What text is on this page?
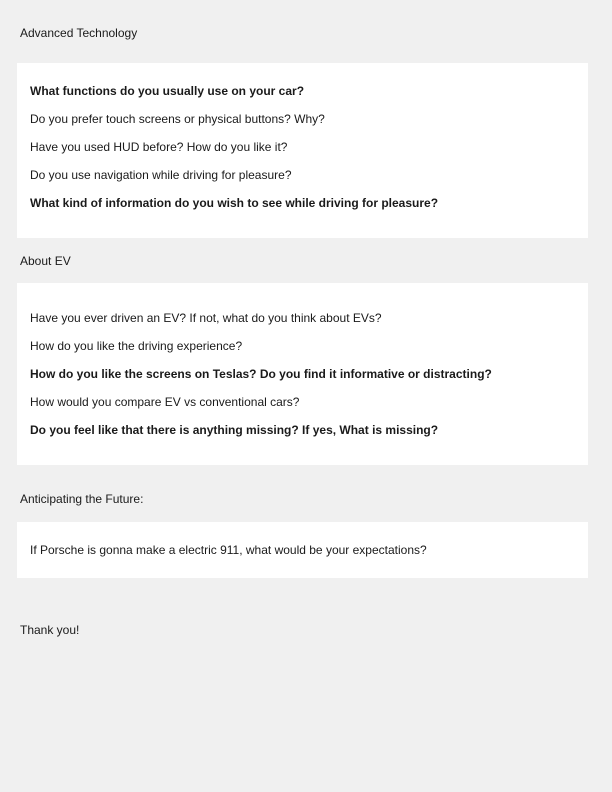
Advanced Technology
What functions do you usually use on your car?
Do you prefer touch screens or physical buttons? Why?
Have you used HUD before? How do you like it?
Do you use navigation while driving for pleasure?
What kind of information do you wish to see while driving for pleasure?
About EV
Have you ever driven an EV? If not, what do you think about EVs?
How do you like the driving experience?
How do you like the screens on Teslas? Do you find it informative or distracting?
How would you compare EV vs conventional cars?
Do you feel like that there is anything missing? If yes, What is missing?
Anticipating the Future:
If Porsche is gonna make a electric 911, what would be your expectations?
Thank you!
